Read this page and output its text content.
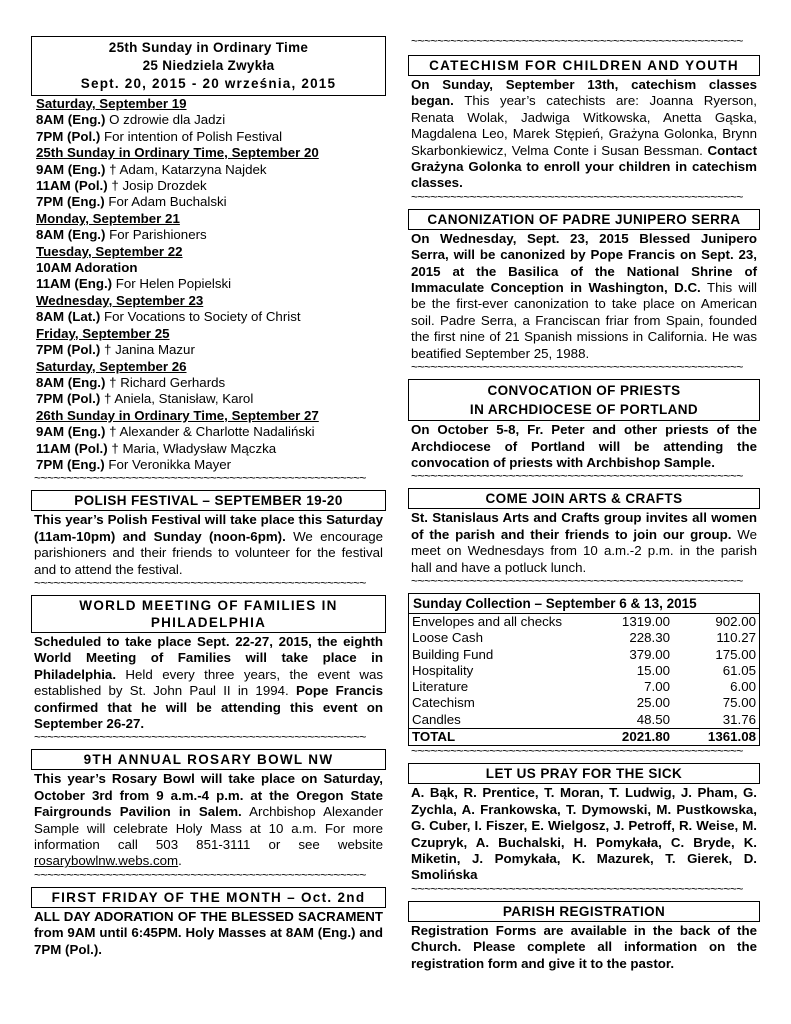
25th Sunday in Ordinary Time
25 Niedziela Zwykła
Sept. 20, 2015 - 20 września, 2015
Saturday, September 19
8AM (Eng.) O zdrowie dla Jadzi
7PM (Pol.) For intention of Polish Festival
25th Sunday in Ordinary Time, September 20
9AM (Eng.) † Adam, Katarzyna Najdek
11AM (Pol.) † Josip Drozdek
7PM (Eng.) For Adam Buchalski
Monday, September 21
8AM (Eng.) For Parishioners
Tuesday, September 22
10AM Adoration
11AM (Eng.) For Helen Popielski
Wednesday, September 23
8AM (Lat.) For Vocations to Society of Christ
Friday, September 25
7PM (Pol.) † Janina Mazur
Saturday, September 26
8AM (Eng.) † Richard Gerhards
7PM (Pol.) † Aniela, Stanisław, Karol
26th Sunday in Ordinary Time, September 27
9AM (Eng.) † Alexander & Charlotte Nadaliński
11AM (Pol.) † Maria, Władysław Mączka
7PM (Eng.) For Veronikka Mayer
~~~~~~~~~~~~~~~~~~~~~~~~~~~~~~~~~~~~~~~~~~~~~~~~~~~
POLISH FESTIVAL – SEPTEMBER 19-20
This year’s Polish Festival will take place this Saturday (11am-10pm) and Sunday (noon-6pm). We encourage parishioners and their friends to volunteer for the festival and to attend the festival.
~~~~~~~~~~~~~~~~~~~~~~~~~~~~~~~~~~~~~~~~~~~~~~~~~~~
WORLD MEETING OF FAMILIES IN PHILADELPHIA
Scheduled to take place Sept. 22-27, 2015, the eighth World Meeting of Families will take place in Philadelphia. Held every three years, the event was established by St. John Paul II in 1994. Pope Francis confirmed that he will be attending this event on September 26-27.
~~~~~~~~~~~~~~~~~~~~~~~~~~~~~~~~~~~~~~~~~~~~~~~~~~~
9TH ANNUAL ROSARY BOWL NW
This year’s Rosary Bowl will take place on Saturday, October 3rd from 9 a.m.-4 p.m. at the Oregon State Fairgrounds Pavilion in Salem. Archbishop Alexander Sample will celebrate Holy Mass at 10 a.m. For more information call 503 851-3111 or see website rosarybowlnw.webs.com.
~~~~~~~~~~~~~~~~~~~~~~~~~~~~~~~~~~~~~~~~~~~~~~~~~~~
FIRST FRIDAY OF THE MONTH – Oct. 2nd
ALL DAY ADORATION OF THE BLESSED SACRAMENT from 9AM until 6:45PM. Holy Masses at 8AM (Eng.) and 7PM (Pol.).
~~~~~~~~~~~~~~~~~~~~~~~~~~~~~~~~~~~~~~~~~~~~~~~~~~~
CATECHISM FOR CHILDREN AND YOUTH
On Sunday, September 13th, catechism classes began. This year’s catechists are: Joanna Ryerson, Renata Wolak, Jadwiga Witkowska, Anetta Gąska, Magdalena Leo, Marek Stępień, Grażyna Golonka, Brynn Skarbonkiewicz, Velma Conte i Susan Bessman. Contact Grażyna Golonka to enroll your children in catechism classes.
~~~~~~~~~~~~~~~~~~~~~~~~~~~~~~~~~~~~~~~~~~~~~~~~~~~
CANONIZATION OF PADRE JUNIPERO SERRA
On Wednesday, Sept. 23, 2015 Blessed Junipero Serra, will be canonized by Pope Francis on Sept. 23, 2015 at the Basilica of the National Shrine of Immaculate Conception in Washington, D.C. This will be the first-ever canonization to take place on American soil. Padre Serra, a Franciscan friar from Spain, founded the first nine of 21 Spanish missions in California. He was beatified September 25, 1988.
~~~~~~~~~~~~~~~~~~~~~~~~~~~~~~~~~~~~~~~~~~~~~~~~~~~
CONVOCATION OF PRIESTS
IN ARCHDIOCESE OF PORTLAND
On October 5-8, Fr. Peter and other priests of the Archdiocese of Portland will be attending the convocation of priests with Archbishop Sample.
~~~~~~~~~~~~~~~~~~~~~~~~~~~~~~~~~~~~~~~~~~~~~~~~~~~
COME JOIN ARTS & CRAFTS
St. Stanislaus Arts and Crafts group invites all women of the parish and their friends to join our group. We meet on Wednesdays from 10 a.m.-2 p.m. in the parish hall and have a potluck lunch.
~~~~~~~~~~~~~~~~~~~~~~~~~~~~~~~~~~~~~~~~~~~~~~~~~~~
Sunday Collection – September 6 & 13, 2015
Envelopes and all checks	1319.00	902.00
Loose Cash	228.30	110.27
Building Fund	379.00	175.00
Hospitality	15.00	61.05
Literature	7.00	6.00
Catechism	25.00	75.00
Candles	48.50	31.76
TOTAL	2021.80	1361.08
~~~~~~~~~~~~~~~~~~~~~~~~~~~~~~~~~~~~~~~~~~~~~~~~~~~
LET US PRAY FOR THE SICK
A. Bąk, R. Prentice, T. Moran, T. Ludwig, J. Pham, G. Zychla, A. Frankowska, T. Dymowski, M. Pustkowska, G. Cuber, I. Fiszer, E. Wielgosz, J. Petroff, R. Weise, M. Czupryk, A. Buchalski, H. Pomykała, C. Bryde, K. Miketin, J. Pomykała, K. Mazurek, T. Gierek, D. Smolińska
~~~~~~~~~~~~~~~~~~~~~~~~~~~~~~~~~~~~~~~~~~~~~~~~~~~
PARISH REGISTRATION
Registration Forms are available in the back of the Church. Please complete all information on the registration form and give it to the pastor.
